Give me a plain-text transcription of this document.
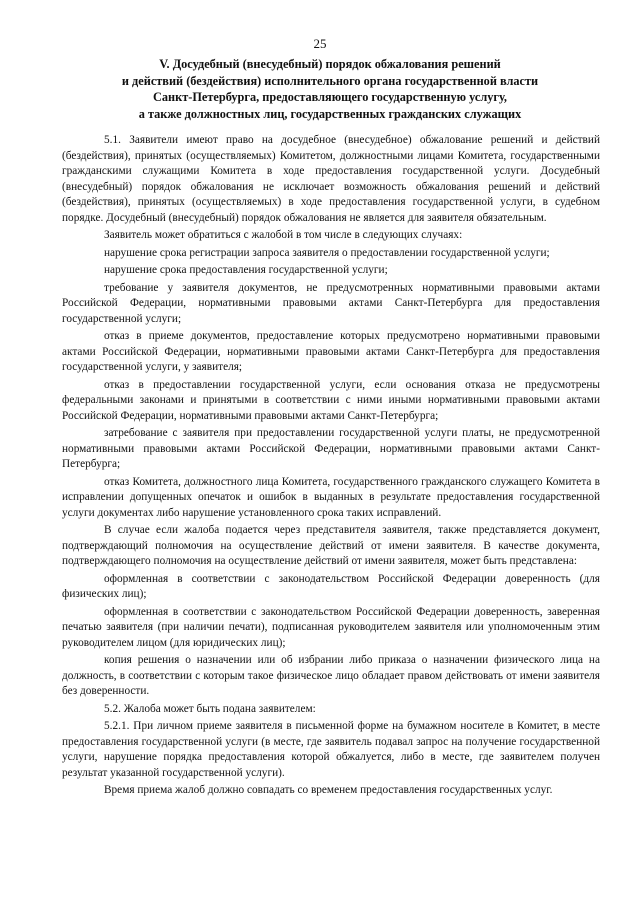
25
V. Досудебный (внесудебный) порядок обжалования решений
и действий (бездействия) исполнительного органа государственной власти
Санкт-Петербурга, предоставляющего государственную услугу,
а также должностных лиц, государственных гражданских служащих

5.1. Заявители имеют право на досудебное (внесудебное) обжалование решений и действий (бездействия), принятых (осуществляемых) Комитетом, должностными лицами Комитета, государственными гражданскими служащими Комитета в ходе предоставления государственной услуги. Досудебный (внесудебный) порядок обжалования не исключает возможность обжалования решений и действий (бездействия), принятых (осуществляемых) в ходе предоставления государственной услуги, в судебном порядке. Досудебный (внесудебный) порядок обжалования не является для заявителя обязательным.

Заявитель может обратиться с жалобой в том числе в следующих случаях:

нарушение срока регистрации запроса заявителя о предоставлении государственной услуги;

нарушение срока предоставления государственной услуги;

требование у заявителя документов, не предусмотренных нормативными правовыми актами Российской Федерации, нормативными правовыми актами Санкт-Петербурга для предоставления государственной услуги;

отказ в приеме документов, предоставление которых предусмотрено нормативными правовыми актами Российской Федерации, нормативными правовыми актами Санкт-Петербурга для предоставления государственной услуги, у заявителя;

отказ в предоставлении государственной услуги, если основания отказа не предусмотрены федеральными законами и принятыми в соответствии с ними иными нормативными правовыми актами Российской Федерации, нормативными правовыми актами Санкт-Петербурга;

затребование с заявителя при предоставлении государственной услуги платы, не предусмотренной нормативными правовыми актами Российской Федерации, нормативными правовыми актами Санкт-Петербурга;

отказ Комитета, должностного лица Комитета, государственного гражданского служащего Комитета в исправлении допущенных опечаток и ошибок в выданных в результате предоставления государственной услуги документах либо нарушение установленного срока таких исправлений.

В случае если жалоба подается через представителя заявителя, также представляется документ, подтверждающий полномочия на осуществление действий от имени заявителя. В качестве документа, подтверждающего полномочия на осуществление действий от имени заявителя, может быть представлена:

оформленная в соответствии с законодательством Российской Федерации доверенность (для физических лиц);

оформленная в соответствии с законодательством Российской Федерации доверенность, заверенная печатью заявителя (при наличии печати), подписанная руководителем заявителя или уполномоченным этим руководителем лицом (для юридических лиц);

копия решения о назначении или об избрании либо приказа о назначении физического лица на должность, в соответствии с которым такое физическое лицо обладает правом действовать от имени заявителя без доверенности.

5.2. Жалоба может быть подана заявителем:

5.2.1. При личном приеме заявителя в письменной форме на бумажном носителе в Комитет, в месте предоставления государственной услуги (в месте, где заявитель подавал запрос на получение государственной услуги, нарушение порядка предоставления которой обжалуется, либо в месте, где заявителем получен результат указанной государственной услуги).

Время приема жалоб должно совпадать со временем предоставления государственных услуг.
